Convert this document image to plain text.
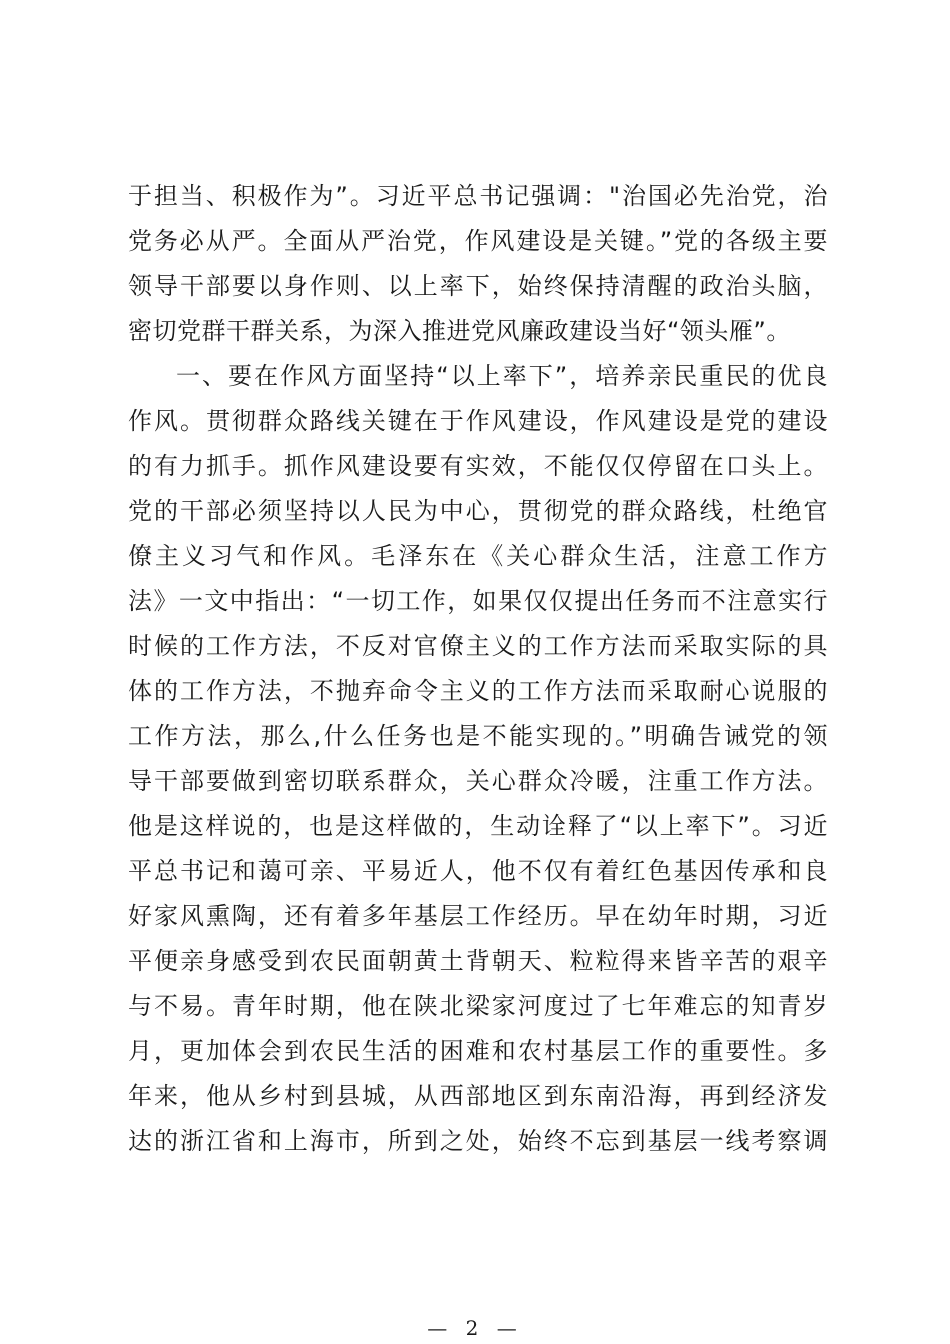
于担当、积极作为”。习近平总书记强调："治国必先治党，治
党务必从严。全面从严治党，作风建设是关键。”党的各级主要
领导干部要以身作则、以上率下，始终保持清醒的政治头脑，
密切党群干群关系，为深入推进党风廉政建设当好“领头雁”。
一、要在作风方面坚持“以上率下”，培养亲民重民的优良
作风。贯彻群众路线关键在于作风建设，作风建设是党的建设
的有力抓手。抓作风建设要有实效，不能仅仅停留在口头上。
党的干部必须坚持以人民为中心，贯彻党的群众路线，杜绝官
僚主义习气和作风。毛泽东在《关心群众生活，注意工作方
法》一文中指出：“一切工作，如果仅仅提出任务而不注意实行
时候的工作方法，不反对官僚主义的工作方法而采取实际的具
体的工作方法，不抛弃命令主义的工作方法而采取耐心说服的
工作方法，那么,什么任务也是不能实现的。”明确告诫党的领
导干部要做到密切联系群众，关心群众冷暖，注重工作方法。
他是这样说的，也是这样做的，生动诠释了“以上率下”。习近
平总书记和蔼可亲、平易近人，他不仅有着红色基因传承和良
好家风熏陶，还有着多年基层工作经历。早在幼年时期，习近
平便亲身感受到农民面朝黄土背朝天、粒粒得来皆辛苦的艰辛
与不易。青年时期，他在陕北梁家河度过了七年难忘的知青岁
月，更加体会到农民生活的困难和农村基层工作的重要性。多
年来，他从乡村到县城，从西部地区到东南沿海，再到经济发
达的浙江省和上海市，所到之处，始终不忘到基层一线考察调
— 2 —
